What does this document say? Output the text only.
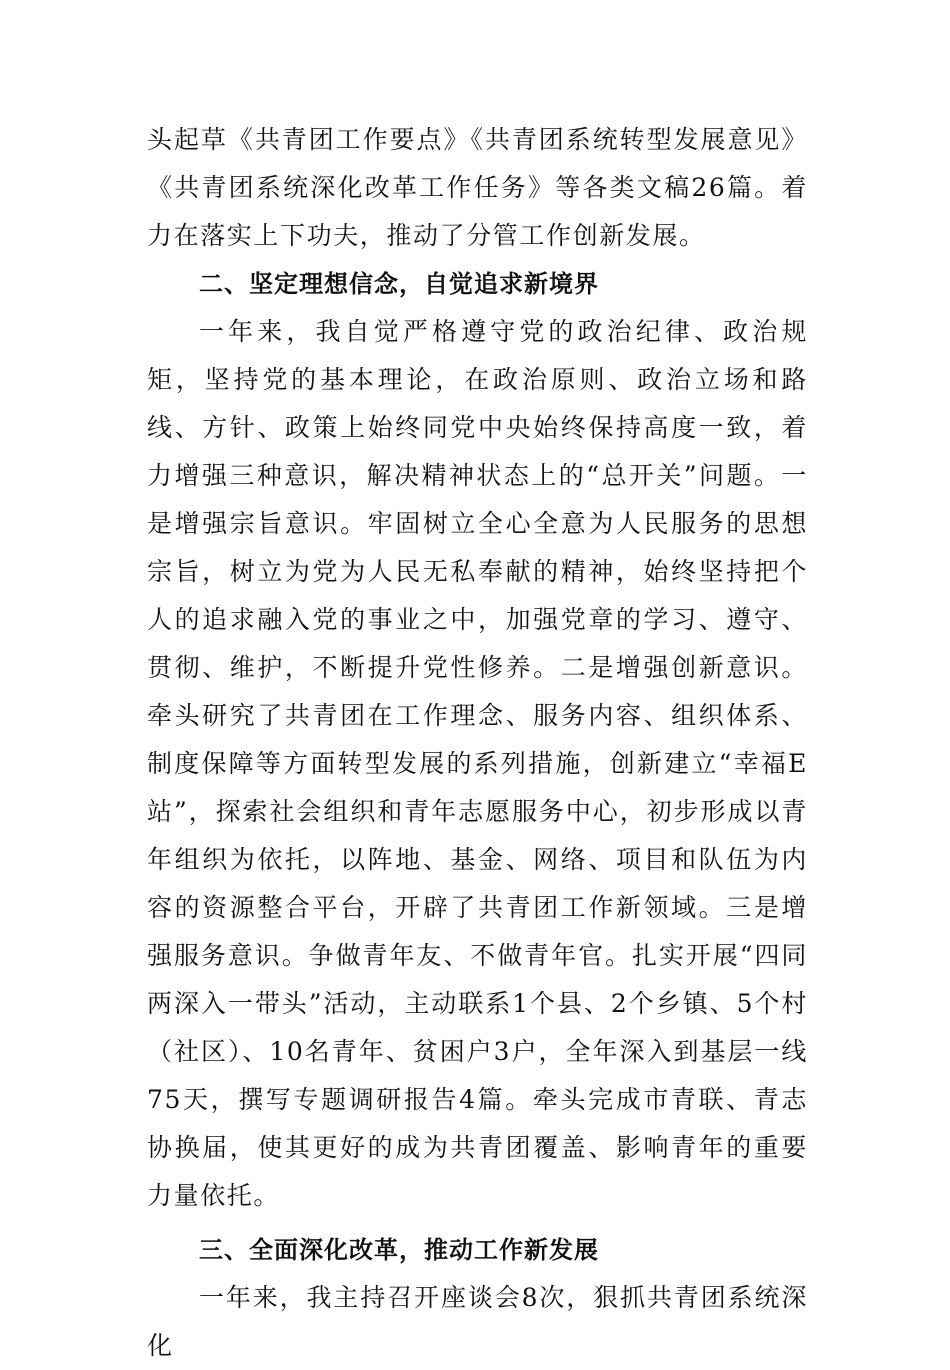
头起草《共青团工作要点》《共青团系统转型发展意见》《共青团系统深化改革工作任务》等各类文稿26篇。着力在落实上下功夫，推动了分管工作创新发展。

二、坚定理想信念，自觉追求新境界

一年来，我自觉严格遵守党的政治纪律、政治规矩，坚持党的基本理论，在政治原则、政治立场和路线、方针、政策上始终同党中央始终保持高度一致，着力增强三种意识，解决精神状态上的“总开关”问题。一是增强宗旨意识。牢固树立全心全意为人民服务的思想宗旨，树立为党为人民无私奉献的精神，始终坚持把个人的追求融入党的事业之中，加强党章的学习、遵守、贯彻、维护，不断提升党性修养。二是增强创新意识。牵头研究了共青团在工作理念、服务内容、组织体系、制度保障等方面转型发展的系列措施，创新建立“幸福E站”，探索社会组织和青年志愿服务中心，初步形成以青年组织为依托，以阵地、基金、网络、项目和队伍为内容的资源整合平台，开辟了共青团工作新领域。三是增强服务意识。争做青年友、不做青年官。扎实开展“四同两深入一带头”活动，主动联系1个县、2个乡镇、5个村（社区）、10名青年、贫困户3户，全年深入到基层一线75天，撰写专题调研报告4篇。牵头完成市青联、青志协换届，使其更好的成为共青团覆盖、影响青年的重要力量依托。

三、全面深化改革，推动工作新发展

一年来，我主持召开座谈会8次，狠抓共青团系统深化
